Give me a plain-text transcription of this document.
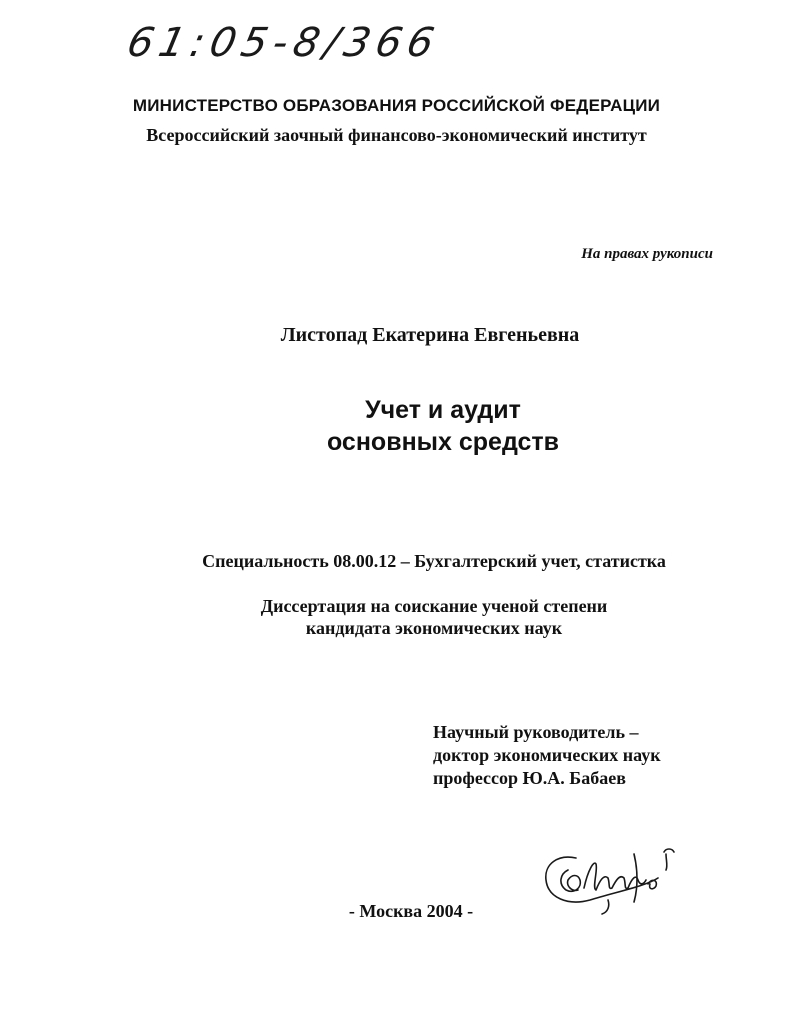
61:05-8/366
МИНИСТЕРСТВО ОБРАЗОВАНИЯ РОССИЙСКОЙ ФЕДЕРАЦИИ
Всероссийский заочный финансово-экономический институт
На правах рукописи
Листопад Екатерина Евгеньевна
Учет и аудит
основных средств
Специальность 08.00.12 – Бухгалтерский учет, статистка
Диссертация на соискание ученой степени
кандидата экономических наук
Научный руководитель –
доктор экономических наук
профессор Ю.А. Бабаев
- Москва 2004 -
